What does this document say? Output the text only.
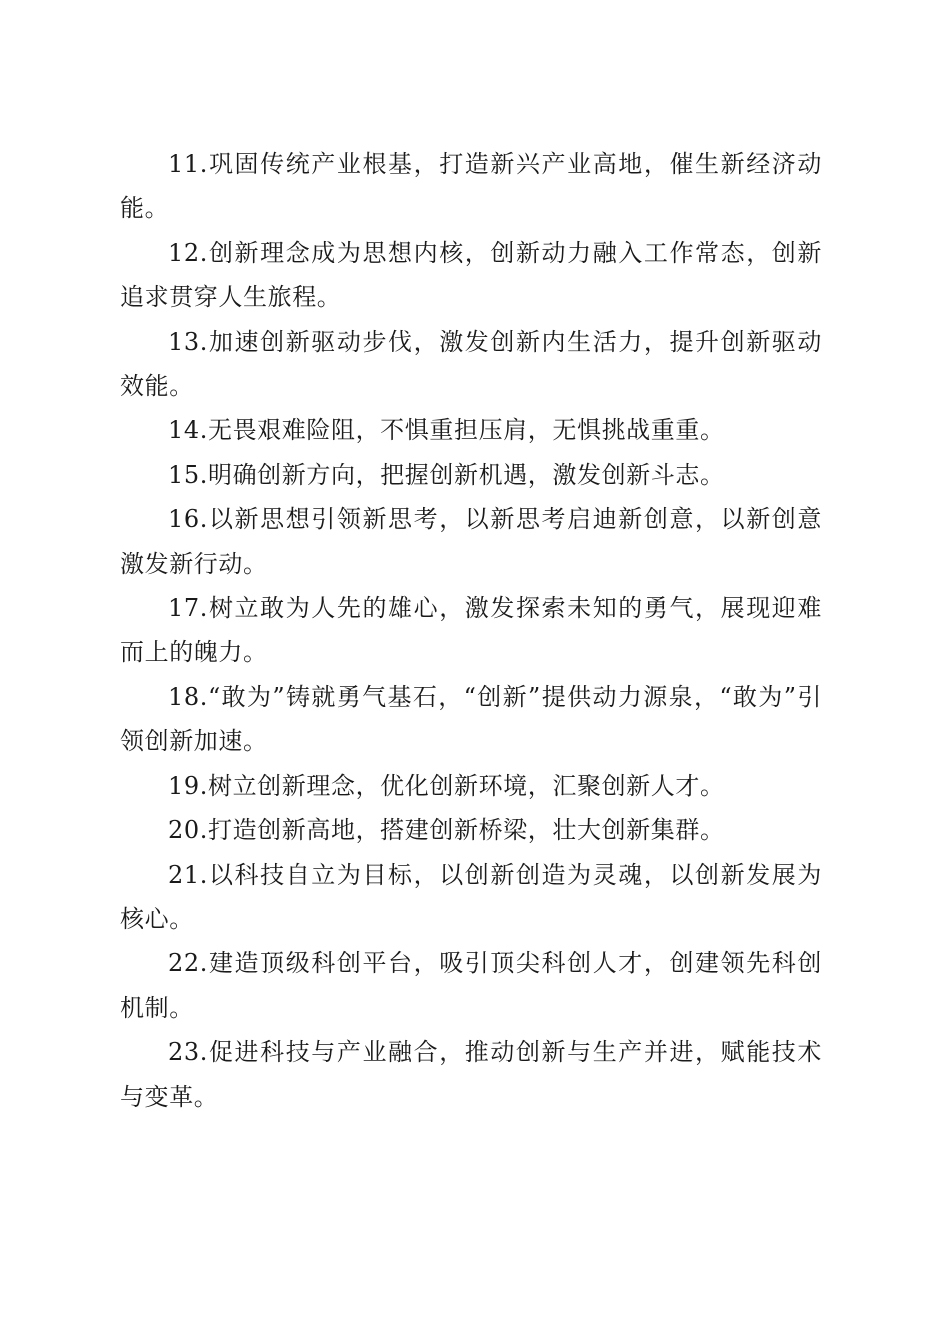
11.巩固传统产业根基，打造新兴产业高地，催生新经济动能。

12.创新理念成为思想内核，创新动力融入工作常态，创新追求贯穿人生旅程。

13.加速创新驱动步伐，激发创新内生活力，提升创新驱动效能。

14.无畏艰难险阻，不惧重担压肩，无惧挑战重重。

15.明确创新方向，把握创新机遇，激发创新斗志。

16.以新思想引领新思考，以新思考启迪新创意，以新创意激发新行动。

17.树立敢为人先的雄心，激发探索未知的勇气，展现迎难而上的魄力。

18.“敢为”铸就勇气基石，“创新”提供动力源泉，“敢为”引领创新加速。

19.树立创新理念，优化创新环境，汇聚创新人才。

20.打造创新高地，搭建创新桥梁，壮大创新集群。

21.以科技自立为目标，以创新创造为灵魂，以创新发展为核心。

22.建造顶级科创平台，吸引顶尖科创人才，创建领先科创机制。

23.促进科技与产业融合，推动创新与生产并进，赋能技术与变革。
